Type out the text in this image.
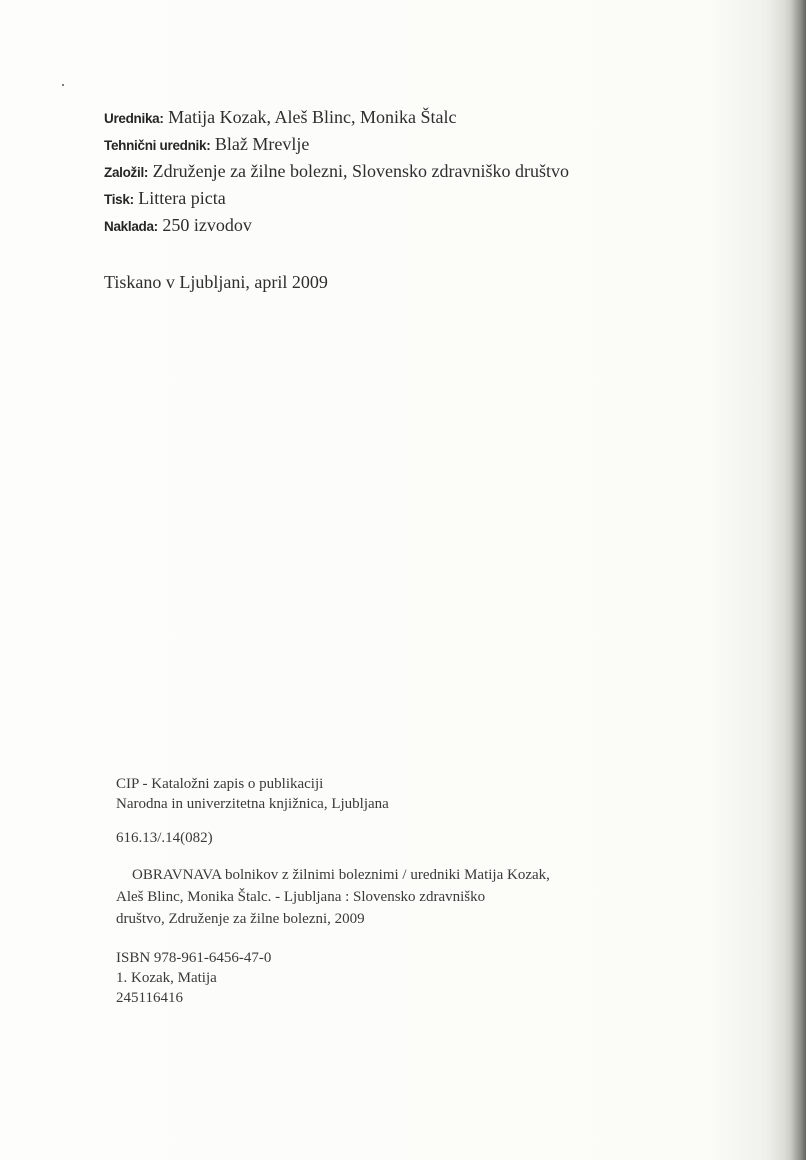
Urednika: Matija Kozak, Aleš Blinc, Monika Štalc
Tehnični urednik: Blaž Mrevlje
Založil: Združenje za žilne bolezni, Slovensko zdravniško društvo
Tisk: Littera picta
Naklada: 250 izvodov
Tiskano v Ljubljani, april 2009
CIP - Kataložni zapis o publikaciji
Narodna in univerzitetna knjižnica, Ljubljana
616.13/.14(082)
OBRAVNAVA bolnikov z žilnimi boleznimi / uredniki Matija Kozak,
Aleš Blinc, Monika Štalc. - Ljubljana : Slovensko zdravniško
društvo, Združenje za žilne bolezni, 2009
ISBN 978-961-6456-47-0
1. Kozak, Matija
245116416
